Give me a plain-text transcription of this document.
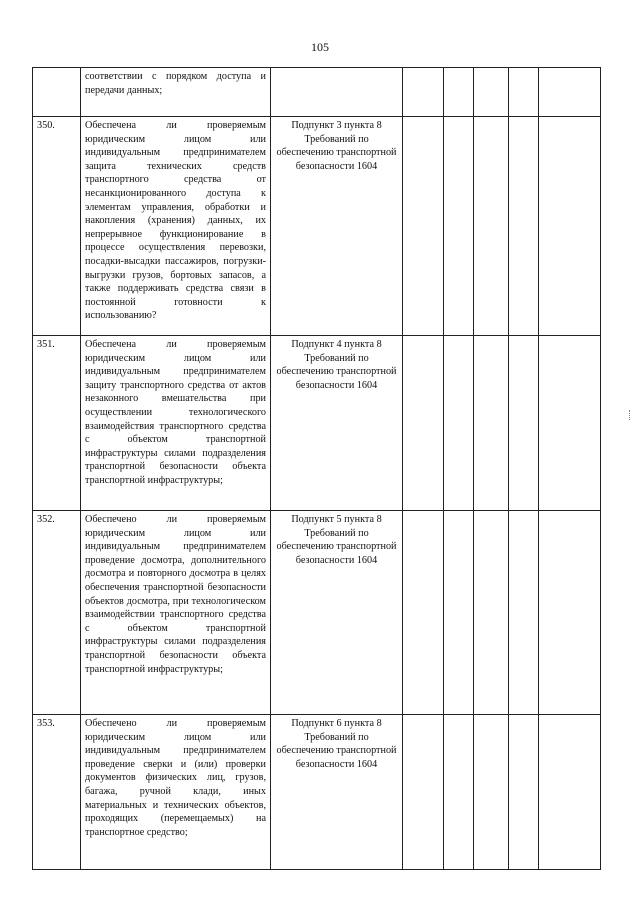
105
	соответствии с порядком доступа и передачи данных;						
350.	Обеспечена ли проверяемым юридическим лицом или индивидуальным предпринимателем защита технических средств транспортного средства от несанкционированного доступа к элементам управления, обработки и накопления (хранения) данных, их непрерывное функционирование в процессе осуществления перевозки, посадки-высадки пассажиров, погрузки-выгрузки грузов, бортовых запасов, а также поддерживать средства связи в постоянной готовности к использованию?	Подпункт 3 пункта 8 Требований по обеспечению транспортной безопасности 1604					
351.	Обеспечена ли проверяемым юридическим лицом или индивидуальным предпринимателем защиту транспортного средства от актов незаконного вмешательства при осуществлении технологического взаимодействия транспортного средства с объектом транспортной инфраструктуры силами подразделения транспортной безопасности объекта транспортной инфраструктуры;	Подпункт 4 пункта 8 Требований по обеспечению транспортной безопасности 1604					
352.	Обеспечено ли проверяемым юридическим лицом или индивидуальным предпринимателем проведение досмотра, дополнительного досмотра и повторного досмотра в целях обеспечения транспортной безопасности объектов досмотра, при технологическом взаимодействии транспортного средства с объектом транспортной инфраструктуры силами подразделения транспортной безопасности объекта транспортной инфраструктуры;	Подпункт 5 пункта 8 Требований по обеспечению транспортной безопасности 1604					
353.	Обеспечено ли проверяемым юридическим лицом или индивидуальным предпринимателем проведение сверки и (или) проверки документов физических лиц, грузов, багажа, ручной клади, иных материальных и технических объектов, проходящих (перемещаемых) на транспортное средство;	Подпункт 6 пункта 8 Требований по обеспечению транспортной безопасности 1604					
